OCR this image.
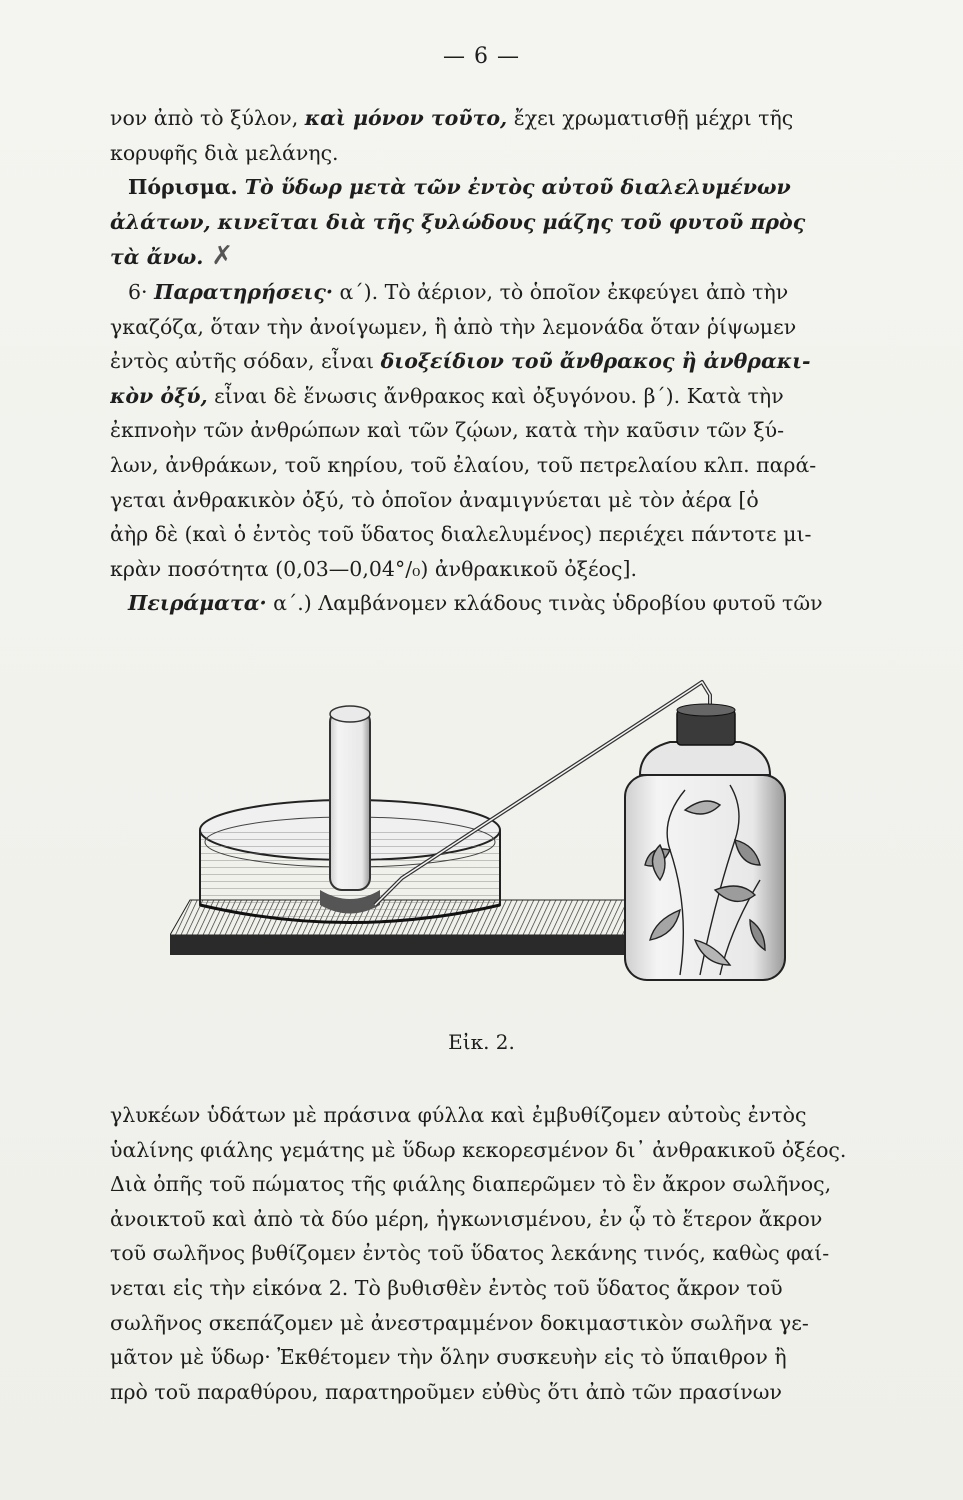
— 6 —
νον ἀπὸ τὸ ξύλον, καὶ μόνον τοῦτο, ἔχει χρωματισθῇ μέχρι τῆς
κορυφῆς διὰ μελάνης.
Πόρισμα. Τὸ ὕδωρ μετὰ τῶν ἐντὸς αὐτοῦ διαλελυμένων
ἀλάτων, κινεῖται διὰ τῆς ξυλώδους μάζης τοῦ φυτοῦ πρὸς
τὰ ἄνω. ✗
6· Παρατηρήσεις· α΄). Τὸ ἀέριον, τὸ ὁποῖον ἐκφεύγει ἀπὸ τὴν
γκαζόζα, ὅταν τὴν ἀνοίγωμεν, ἢ ἀπὸ τὴν λεμονάδα ὅταν ῥίψωμεν
ἐντὸς αὐτῆς σόδαν, εἶναι διοξείδιον τοῦ ἄνθρακος ἢ ἀνθρακι-
κὸν ὀξύ, εἶναι δὲ ἕνωσις ἄνθρακος καὶ ὀξυγόνου. β΄). Κατὰ τὴν
ἐκπνοὴν τῶν ἀνθρώπων καὶ τῶν ζῴων, κατὰ τὴν καῦσιν τῶν ξύ-
λων, ἀνθράκων, τοῦ κηρίου, τοῦ ἐλαίου, τοῦ πετρελαίου κλπ. παρά-
γεται ἀνθρακικὸν ὀξύ, τὸ ὁποῖον ἀναμιγνύεται μὲ τὸν ἀέρα [ὁ
ἀὴρ δὲ (καὶ ὁ ἐντὸς τοῦ ὕδατος διαλελυμένος) περιέχει πάντοτε μι-
κρὰν ποσότητα (0,03—0,04°/₀) ἀνθρακικοῦ ὀξέος].
Πειράματα· α΄.) Λαμβάνομεν κλάδους τινὰς ὑδροβίου φυτοῦ τῶν
Εἰκ. 2.
γλυκέων ὑδάτων μὲ πράσινα φύλλα καὶ ἐμβυθίζομεν αὐτοὺς ἐντὸς
ὑαλίνης φιάλης γεμάτης μὲ ὕδωρ κεκορεσμένον δι᾽ ἀνθρακικοῦ ὀξέος.
Διὰ ὀπῆς τοῦ πώματος τῆς φιάλης διαπερῶμεν τὸ ἓν ἄκρον σωλῆνος,
ἀνοικτοῦ καὶ ἀπὸ τὰ δύο μέρη, ἠγκωνισμένου, ἐν ᾧ τὸ ἕτερον ἄκρον
τοῦ σωλῆνος βυθίζομεν ἐντὸς τοῦ ὕδατος λεκάνης τινός, καθὼς φαί-
νεται εἰς τὴν εἰκόνα 2. Τὸ βυθισθὲν ἐντὸς τοῦ ὕδατος ἄκρον τοῦ
σωλῆνος σκεπάζομεν μὲ ἀνεστραμμένον δοκιμαστικὸν σωλῆνα γε-
μᾶτον μὲ ὕδωρ· Ἐκθέτομεν τὴν ὅλην συσκευὴν εἰς τὸ ὕπαιθρον ἢ
πρὸ τοῦ παραθύρου, παρατηροῦμεν εὐθὺς ὅτι ἀπὸ τῶν πρασίνων
